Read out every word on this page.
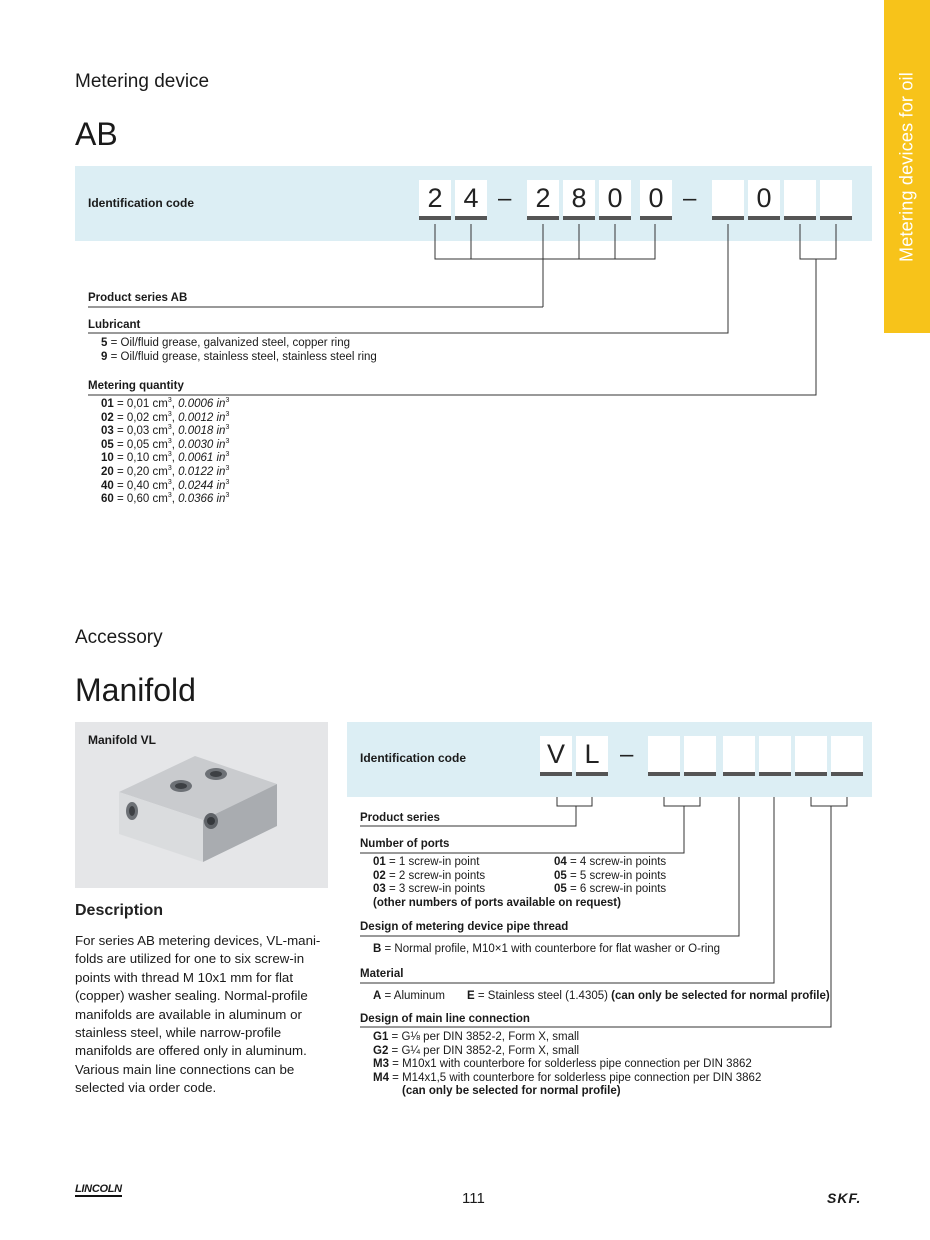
Metering devices for oil
Metering device
AB
Identification code	2 4 – 2 8 0 0 –	0
Product series AB
Lubricant
5 = Oil/fluid grease, galvanized steel, copper ring
9 = Oil/fluid grease, stainless steel, stainless steel ring
Metering quantity
01 = 0,01 $cm^3$, 0.0006 $in^3$
02 = 0,02 $cm^3$, 0.0012 $in^3$
03 = 0,03 $cm^3$, 0.0018 $in^3$
05 = 0,05 $cm^3$, 0.0030 $in^3$
10 = 0,10 $cm^3$, 0.0061 $in^3$
20 = 0,20 $cm^3$, 0.0122 $in^3$
40 = 0,40 $cm^3$, 0.0244 $in^3$
60 = 0,60 $cm^3$, 0.0366 $in^3$
Accessory
Manifold
Manifold VL
Description
For series AB metering devices, VL-mani-
folds are utilized for one to six screw-in
points with thread M 10x1 mm for flat
(copper) washer sealing. Normal-profile
manifolds are available in aluminum or
stainless steel, while narrow-profile
manifolds are offered only in aluminum.
Various main line connections can be
selected via order code.
Identification code	V L –
Product series
Number of ports
01 = 1 screw-in point
02 = 2 screw-in points
03 = 3 screw-in points
(other numbers of ports available on request)
04 = 4 screw-in points
05 = 5 screw-in points
05 = 6 screw-in points
Design of metering device pipe thread
B = Normal profile, M10×1 with counterbore for flat washer or O-ring
Material
A = Aluminum E = Stainless steel (1.4305) (can only be selected for normal profile)
Design of main line connection
G1 = G⅛ per DIN 3852-2, Form X, small
G2 = G¼ per DIN 3852-2, Form X, small
M3 = M10x1 with counterbore for solderless pipe connection per DIN 3862
M4 = M14x1,5 with counterbore for solderless pipe connection per DIN 3862
(can only be selected for normal profile)
LINCOLN
111	SKF.
